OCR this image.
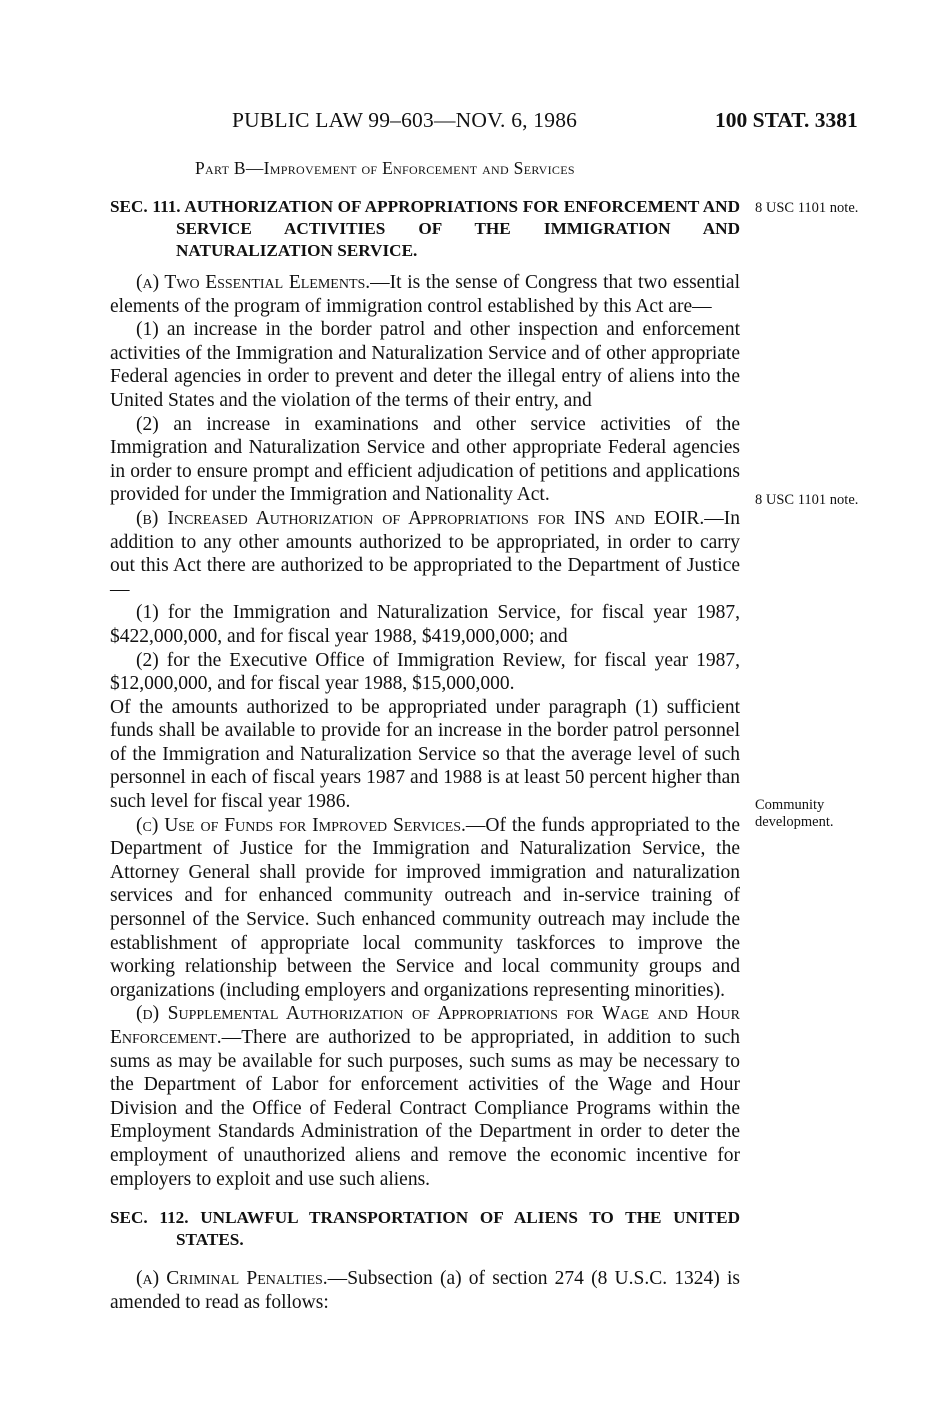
PUBLIC LAW 99–603—NOV. 6, 1986	100 STAT. 3381
Part B—Improvement of Enforcement and Services
8 USC 1101 note.
8 USC 1101 note.
Community
development.
SEC. 111. AUTHORIZATION OF APPROPRIATIONS FOR ENFORCEMENT AND SERVICE ACTIVITIES OF THE IMMIGRATION AND NATURALIZATION SERVICE.

(a) Two Essential Elements.—It is the sense of Congress that two essential elements of the program of immigration control established by this Act are—

(1) an increase in the border patrol and other inspection and enforcement activities of the Immigration and Naturalization Service and of other appropriate Federal agencies in order to prevent and deter the illegal entry of aliens into the United States and the violation of the terms of their entry, and

(2) an increase in examinations and other service activities of the Immigration and Naturalization Service and other appropriate Federal agencies in order to ensure prompt and efficient adjudication of petitions and applications provided for under the Immigration and Nationality Act.

(b) Increased Authorization of Appropriations for INS and EOIR.—In addition to any other amounts authorized to be appropriated, in order to carry out this Act there are authorized to be appropriated to the Department of Justice—

(1) for the Immigration and Naturalization Service, for fiscal year 1987, $422,000,000, and for fiscal year 1988, $419,000,000; and

(2) for the Executive Office of Immigration Review, for fiscal year 1987, $12,000,000, and for fiscal year 1988, $15,000,000.

Of the amounts authorized to be appropriated under paragraph (1) sufficient funds shall be available to provide for an increase in the border patrol personnel of the Immigration and Naturalization Service so that the average level of such personnel in each of fiscal years 1987 and 1988 is at least 50 percent higher than such level for fiscal year 1986.

(c) Use of Funds for Improved Services.—Of the funds appropriated to the Department of Justice for the Immigration and Naturalization Service, the Attorney General shall provide for improved immigration and naturalization services and for enhanced community outreach and in-service training of personnel of the Service. Such enhanced community outreach may include the establishment of appropriate local community taskforces to improve the working relationship between the Service and local community groups and organizations (including employers and organizations representing minorities).

(d) Supplemental Authorization of Appropriations for Wage and Hour Enforcement.—There are authorized to be appropriated, in addition to such sums as may be available for such purposes, such sums as may be necessary to the Department of Labor for enforcement activities of the Wage and Hour Division and the Office of Federal Contract Compliance Programs within the Employment Standards Administration of the Department in order to deter the employment of unauthorized aliens and remove the economic incentive for employers to exploit and use such aliens.

SEC. 112. UNLAWFUL TRANSPORTATION OF ALIENS TO THE UNITED STATES.

(a) Criminal Penalties.—Subsection (a) of section 274 (8 U.S.C. 1324) is amended to read as follows:
